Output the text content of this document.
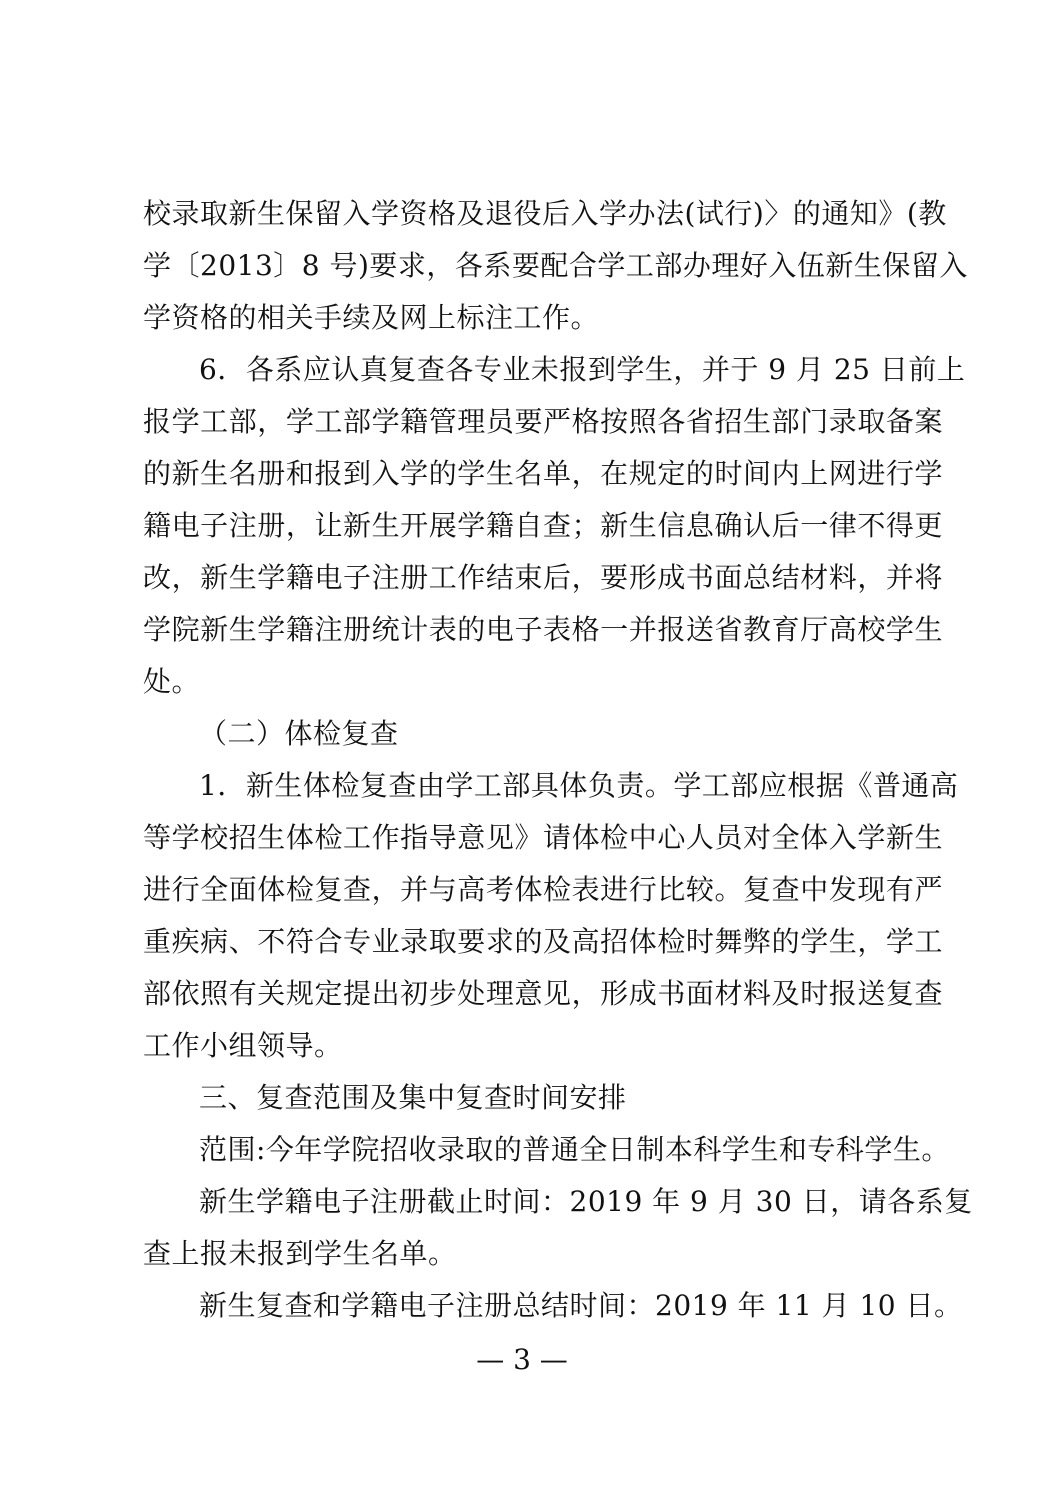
校录取新生保留入学资格及退役后入学办法(试行)〉的通知》(教
学〔2013〕8 号)要求，各系要配合学工部办理好入伍新生保留入
学资格的相关手续及网上标注工作。
6．各系应认真复查各专业未报到学生，并于 9 月 25 日前上
报学工部，学工部学籍管理员要严格按照各省招生部门录取备案
的新生名册和报到入学的学生名单，在规定的时间内上网进行学
籍电子注册，让新生开展学籍自查；新生信息确认后一律不得更
改，新生学籍电子注册工作结束后，要形成书面总结材料，并将
学院新生学籍注册统计表的电子表格一并报送省教育厅高校学生
处。
（二）体检复查
1．新生体检复查由学工部具体负责。学工部应根据《普通高
等学校招生体检工作指导意见》请体检中心人员对全体入学新生
进行全面体检复查，并与高考体检表进行比较。复查中发现有严
重疾病、不符合专业录取要求的及高招体检时舞弊的学生，学工
部依照有关规定提出初步处理意见，形成书面材料及时报送复查
工作小组领导。
三、复查范围及集中复查时间安排
范围:今年学院招收录取的普通全日制本科学生和专科学生。
新生学籍电子注册截止时间：2019 年 9 月 30 日，请各系复
查上报未报到学生名单。
新生复查和学籍电子注册总结时间：2019 年 11 月 10 日。
— 3 —
